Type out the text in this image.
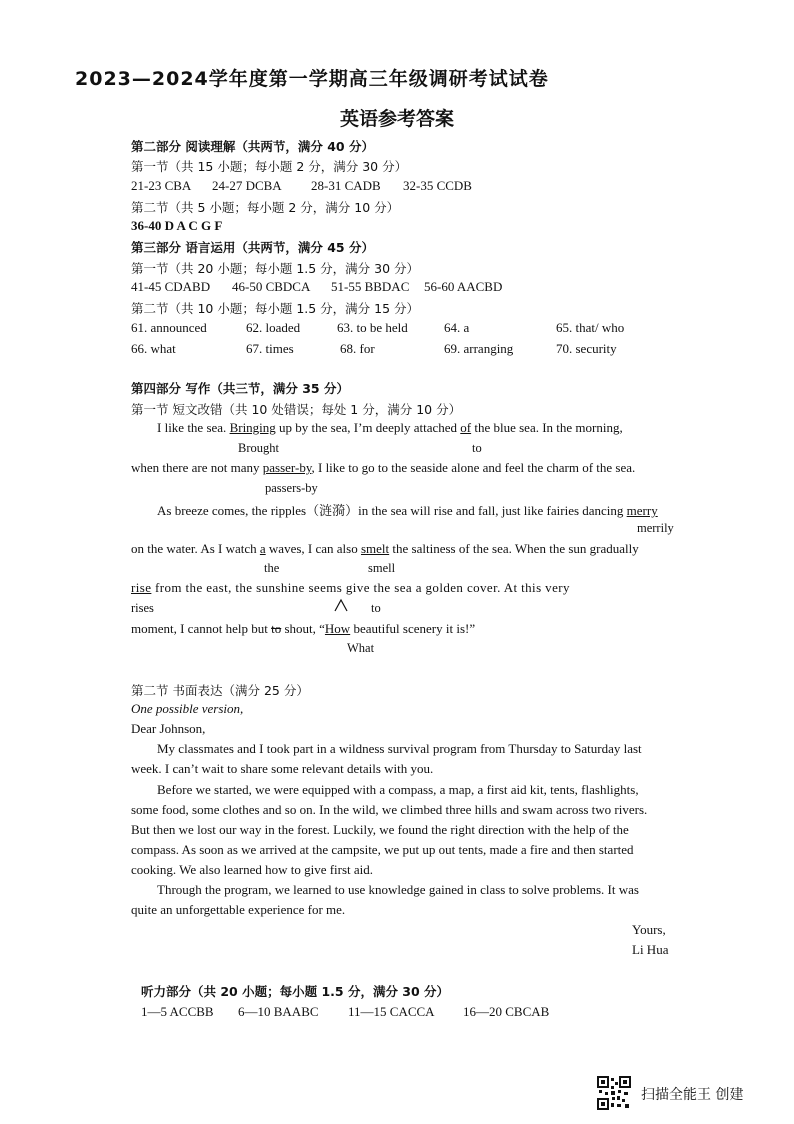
2023—2024学年度第一学期高三年级调研考试试卷
英语参考答案
第二部分 阅读理解（共两节，满分 40 分）
第一节（共 15 小题；每小题 2 分，满分 30 分）
21-23 CBA 24-27 DCBA 28-31 CADB 32-35 CCDB
第二节（共 5 小题；每小题 2 分，满分 10 分）
36-40 D A C G F
第三部分 语言运用（共两节，满分 45 分）
第一节（共 20 小题；每小题 1.5 分，满分 30 分）
41-45 CDABD 46-50 CBDCA 51-55 BBDAC 56-60 AACBD
第二节（共 10 小题；每小题 1.5 分，满分 15 分）
61. announced	62. loaded	63. to be held	64. a	65. that/ who
66. what	67. times	68. for	69. arranging	70. security
第四部分 写作（共三节，满分 35 分）
第一节 短文改错（共 10 处错误；每处 1 分，满分 10 分）
I like the sea. Bringing up by the sea, I’m deeply attached of the blue sea. In the morning,
Brought	to
when there are not many passer-by, I like to go to the seaside alone and feel the charm of the sea.
passers-by
As breeze comes, the ripples（涟漪）in the sea will rise and fall, just like fairies dancing merry
merrily
on the water. As I watch a waves, I can also smelt the saltiness of the sea. When the sun gradually
the	smell
rise from the east, the sunshine seems
give the sea a golden cover. At this very
rises	to
moment, I cannot help but to shout, “How beautiful scenery it is!”
What
第二节 书面表达（满分 25 分）
One possible version,
Dear Johnson,
My classmates and I took part in a wildness survival program from Thursday to Saturday last
week. I can’t wait to share some relevant details with you.
Before we started, we were equipped with a compass, a map, a first aid kit, tents, flashlights,
some food, some clothes and so on. In the wild, we climbed three hills and swam across two rivers.
But then we lost our way in the forest. Luckily, we found the right direction with the help of the
compass. As soon as we arrived at the campsite, we put up out tents, made a fire and then started
cooking. We also learned how to give first aid.
Through the program, we learned to use knowledge gained in class to solve problems. It was
quite an unforgettable experience for me.
Yours,
Li Hua
听力部分（共 20 小题；每小题 1.5 分，满分 30 分）
1—5 ACCBB 6—10 BAABC 11—15 CACCA 16—20 CBCAB
扫描全能王 创建
